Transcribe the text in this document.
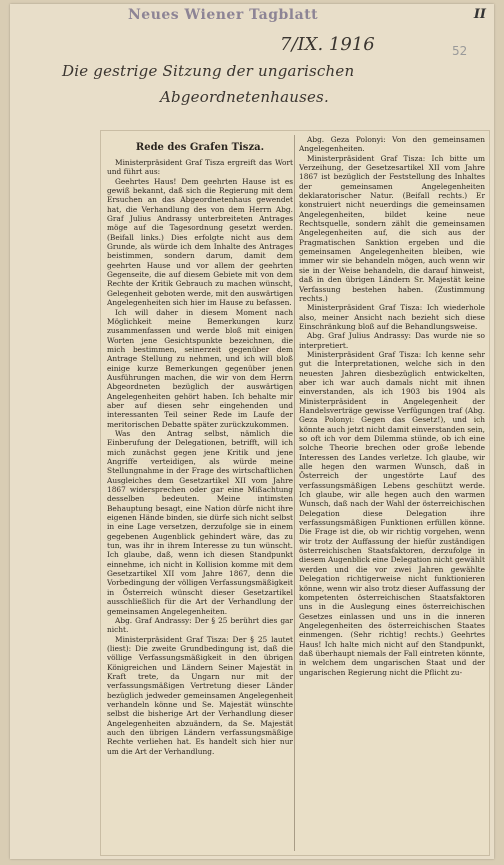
Neues Wiener Tagblatt	II
7/IX. 1916	52
Die gestrige Sitzung der ungarischen
Abgeordnetenhauses.

Rede des Grafen Tisza.

Ministerpräsident Graf Tisza ergreift das Wort und führt aus:

Geehrtes Haus! Dem geehrten Hause ist es gewiß bekannt, daß sich die Regierung mit dem Ersuchen an das Abgeordnetenhaus gewendet hat, die Verhandlung des von dem Herrn Abg. Graf Julius Andrassy unterbreiteten Antrages möge auf die Tagesordnung gesetzt werden. (Beifall links.) Dies erfolgte nicht aus dem Grunde, als würde ich dem Inhalte des Antrages beistimmen, sondern darum, damit dem geehrten Hause und vor allem der geehrten Gegenseite, die auf diesem Gebiete mit von dem Rechte der Kritik Gebrauch zu machen wünscht, Gelegenheit geboten werde, mit den auswärtigen Angelegenheiten sich hier im Hause zu befassen.

Ich will daher in diesem Moment nach Möglichkeit meine Bemerkungen kurz zusammenfassen und werde bloß mit einigen Worten jene Gesichtspunkte bezeichnen, die mich bestimmen, seinerzeit gegenüber dem Antrage Stellung zu nehmen, und ich will bloß einige kurze Bemerkungen gegenüber jenen Ausführungen machen, die wir von dem Herrn Abgeordneten bezüglich der auswärtigen Angelegenheiten gehört haben. Ich behalte mir aber auf diesen sehr eingehenden und interessanten Teil seiner Rede im Laufe der meritorischen Debatte später zurückzukommen.

Was den Antrag selbst, nämlich die Einberufung der Delegationen, betrifft, will ich mich zunächst gegen jene Kritik und jene Angriffe verteidigen, als würde meine Stellungnahme in der Frage des wirtschaftlichen Ausgleiches dem Gesetzartikel XII vom Jahre 1867 widersprechen oder gar eine Mißachtung desselben bedeuten. Meine intimsten Behauptung besagt, eine Nation dürfe nicht ihre eigenen Hände binden, sie dürfe sich nicht selbst in eine Lage versetzen, derzufolge sie in einem gegebenen Augenblick gehindert wäre, das zu tun, was ihr in ihrem Interesse zu tun wünscht. Ich glaube, daß, wenn ich diesen Standpunkt einnehme, ich nicht in Kollision komme mit dem Gesetzartikel XII vom Jahre 1867, denn die Vorbedingung der völligen Verfassungsmäßigkeit in Österreich wünscht dieser Gesetzartikel ausschließlich für die Art der Verhandlung der gemeinsamen Angelegenheiten.

Abg. Graf Andrassy: Der § 25 berührt dies gar nicht.

Ministerpräsident Graf Tisza: Der § 25 lautet (liest): Die zweite Grundbedingung ist, daß die völlige Verfassungsmäßigkeit in den übrigen Königreichen und Ländern Seiner Majestät in Kraft trete, da Ungarn nur mit der verfassungsmäßigen Vertretung dieser Länder bezüglich jedweder gemeinsamen Angelegenheit verhandeln könne und Se. Majestät wünschte selbst die bisherige Art der Verhandlung dieser Angelegenheiten abzuändern, da Se. Majestät auch den übrigen Ländern verfassungsmäßige Rechte verliehen hat. Es handelt sich hier nur um die Art der Verhandlung.

Abg. Geza Polonyi: Von den gemeinsamen Angelegenheiten.

Ministerpräsident Graf Tisza: Ich bitte um Verzeihung, der Gesetzesartikel XII vom Jahre 1867 ist bezüglich der Feststellung des Inhaltes der gemeinsamen Angelegenheiten deklaratorischer Natur. (Beifall rechts.) Er konstruiert nicht neuerdings die gemeinsamen Angelegenheiten, bildet keine neue Rechtsquelle, sondern zählt die gemeinsamen Angelegenheiten auf, die sich aus der Pragmatischen Sanktion ergeben und die gemeinsamen Angelegenheiten bleiben, wie immer wir sie behandeln mögen, auch wenn wir sie in der Weise behandeln, die darauf hinweist, daß in den übrigen Ländern Sr. Majestät keine Verfassung bestehen haben. (Zustimmung rechts.)

Ministerpräsident Graf Tisza: Ich wiederhole also, meiner Ansicht nach bezieht sich diese Einschränkung bloß auf die Behandlungsweise.

Abg. Graf Julius Andrassy: Das wurde nie so interpretiert.

Ministerpräsident Graf Tisza: Ich kenne sehr gut die Interpretationen, welche sich in den neuesten Jahren diesbezüglich entwickelten, aber ich war auch damals nicht mit ihnen einverstanden, als ich 1903 bis 1904 als Ministerpräsident in Angelegenheit der Handelsverträge gewisse Verfügungen traf (Abg. Geza Polonyi: Gegen das Gesetz!), und ich könnte auch jetzt nicht damit einverstanden sein, so oft ich vor dem Dilemma stünde, ob ich eine solche Theorie brechen oder große lebende Interessen des Landes verletze. Ich glaube, wir alle hegen den warmen Wunsch, daß in Österreich der ungestörte Lauf des verfassungsmäßigen Lebens geschützt werde. Ich glaube, wir alle hegen auch den warmen Wunsch, daß nach der Wahl der österreichischen Delegation diese Delegation ihre verfassungsmäßigen Funktionen erfüllen könne. Die Frage ist die, ob wir richtig vorgehen, wenn wir trotz der Auffassung der hiefür zuständigen österreichischen Staatsfaktoren, derzufolge in diesem Augenblick eine Delegation nicht gewählt werden und die vor zwei Jahren gewählte Delegation richtigerweise nicht funktionieren könne, wenn wir also trotz dieser Auffassung der kompetenten österreichischen Staatsfaktoren uns in die Auslegung eines österreichischen Gesetzes einlassen und uns in die inneren Angelegenheiten des österreichischen Staates einmengen. (Sehr richtig! rechts.) Geehrtes Haus! Ich halte mich nicht auf den Standpunkt, daß überhaupt niemals der Fall eintreten könnte, in welchem dem ungarischen Staat und der ungarischen Regierung nicht die Pflicht zu-
